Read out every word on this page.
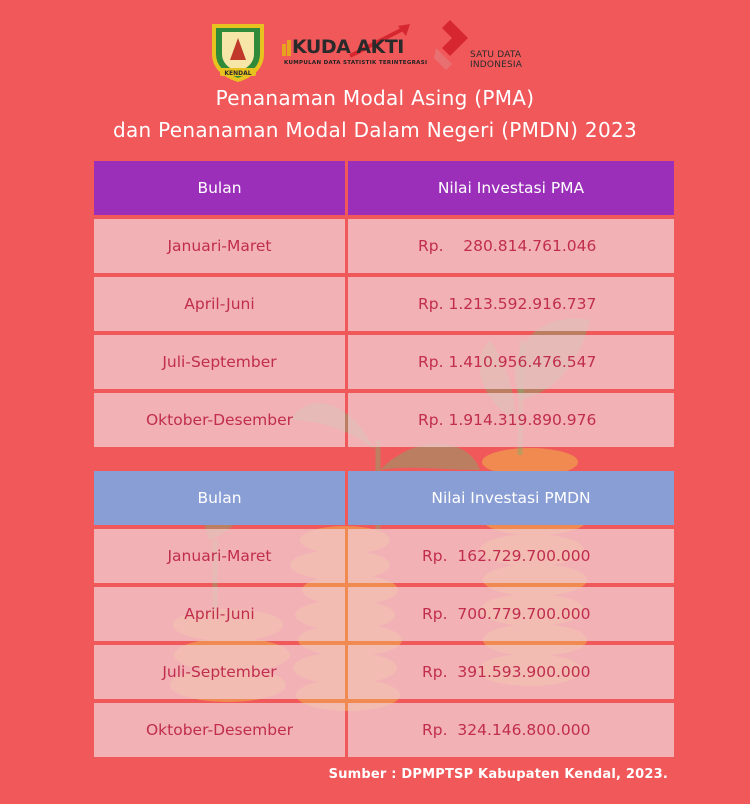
KENDAL
KUDA AKTI
KUMPULAN DATA STATISTIK TERINTEGRASI
SATU DATA
INDONESIA
Penanaman Modal Asing (PMA)
dan Penanaman Modal Dalam Negeri (PMDN) 2023
Bulan	Nilai Investasi PMA
Januari-Maret	Rp.    280.814.761.046
April-Juni	Rp. 1.213.592.916.737
Juli-September	Rp. 1.410.956.476.547
Oktober-Desember	Rp. 1.914.319.890.976
Bulan	Nilai Investasi PMDN
Januari-Maret	Rp.  162.729.700.000
April-Juni	Rp.  700.779.700.000
Juli-September	Rp.  391.593.900.000
Oktober-Desember	Rp.  324.146.800.000
Sumber : DPMPTSP Kabupaten Kendal, 2023.
